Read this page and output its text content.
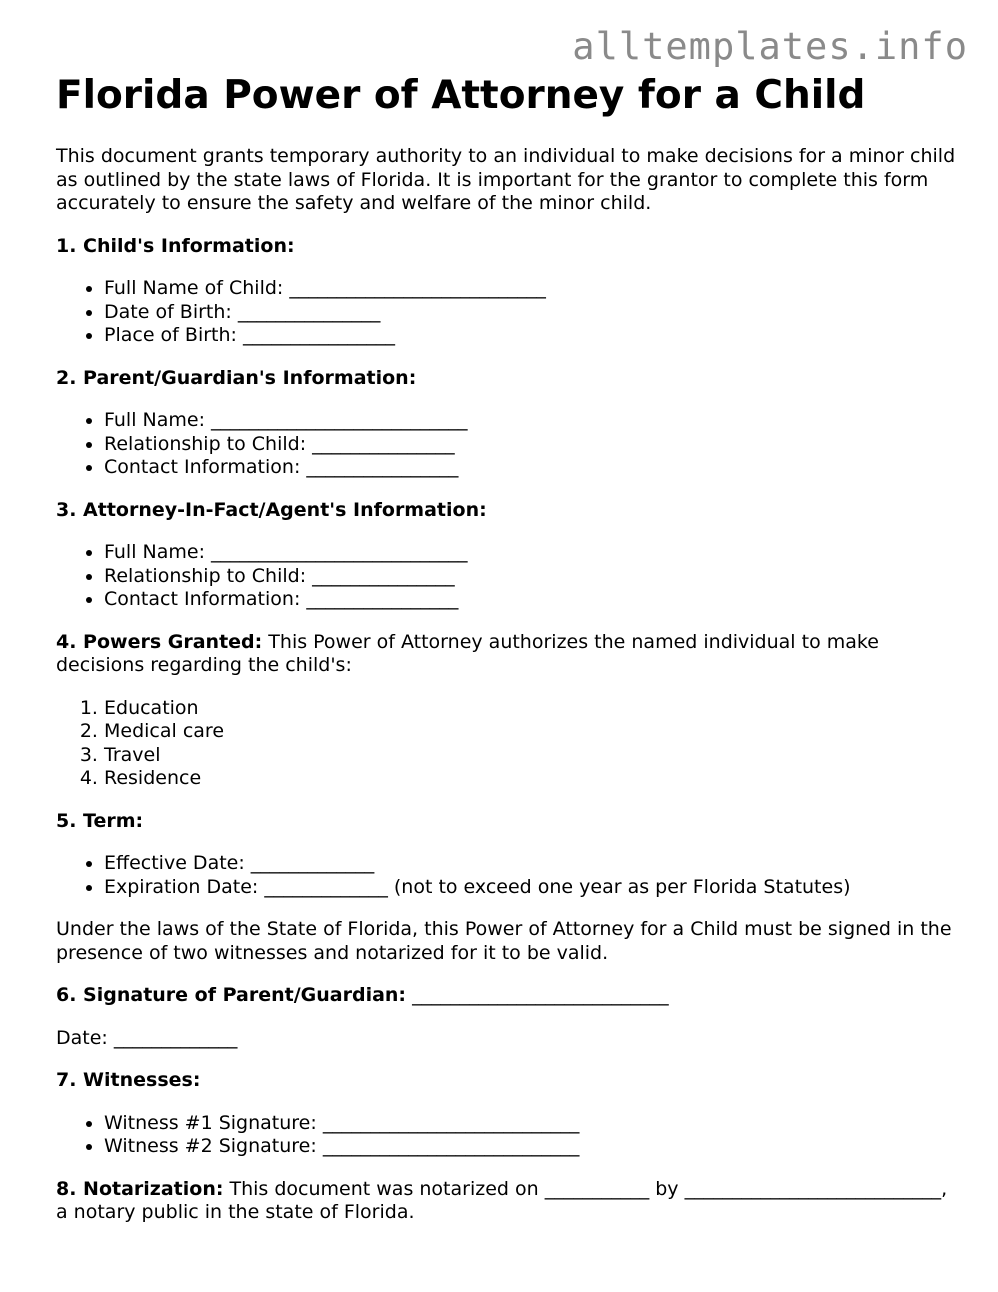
alltemplates.info
Florida Power of Attorney for a Child

This document grants temporary authority to an individual to make decisions for a minor child as outlined by the state laws of Florida. It is important for the grantor to complete this form accurately to ensure the safety and welfare of the minor child.

1. Child's Information:

• Full Name of Child: ___________________________
• Date of Birth: _______________
• Place of Birth: ________________

2. Parent/Guardian's Information:

• Full Name: ___________________________
• Relationship to Child: _______________
• Contact Information: ________________

3. Attorney-In-Fact/Agent's Information:

• Full Name: ___________________________
• Relationship to Child: _______________
• Contact Information: ________________

4. Powers Granted: This Power of Attorney authorizes the named individual to make decisions regarding the child's:

1. Education
2. Medical care
3. Travel
4. Residence

5. Term:

• Effective Date: _____________
• Expiration Date: _____________ (not to exceed one year as per Florida Statutes)

Under the laws of the State of Florida, this Power of Attorney for a Child must be signed in the presence of two witnesses and notarized for it to be valid.

6. Signature of Parent/Guardian: ___________________________

Date: _____________

7. Witnesses:

• Witness #1 Signature: ___________________________
• Witness #2 Signature: ___________________________

8. Notarization: This document was notarized on ___________ by ___________________________, a notary public in the state of Florida.
